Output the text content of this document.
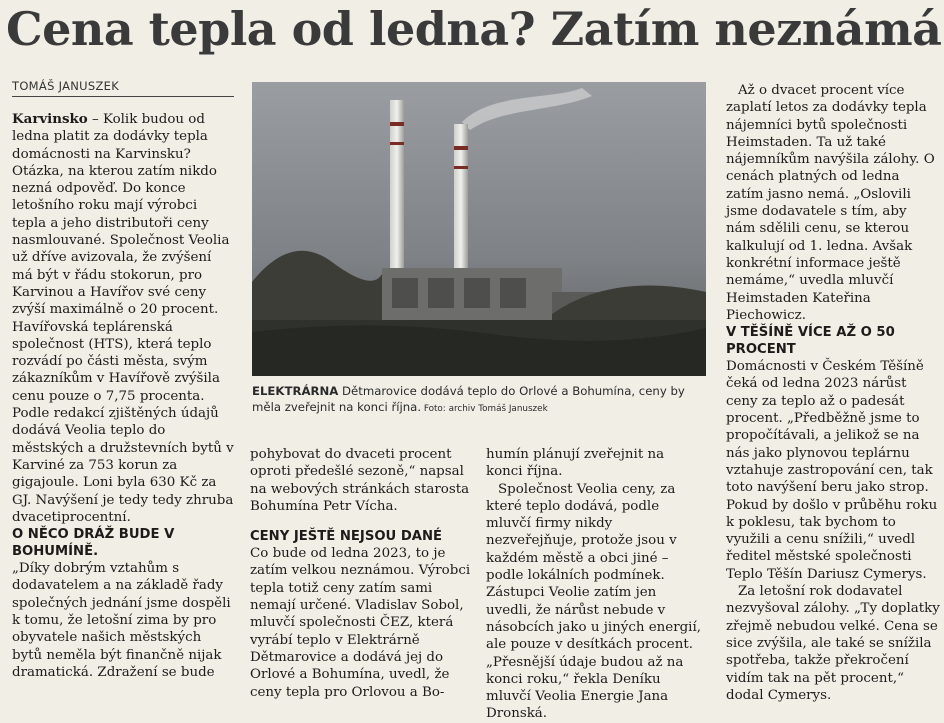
Cena tepla od ledna? Zatím neznámá
TOMÁŠ JANUSZEK

Karvinsko – Kolik budou od ledna platit za dodávky tepla domácnosti na Karvinsku? Otázka, na kterou zatím nikdo nezná odpověď. Do konce letošního roku mají výrobci tepla a jeho distributoři ceny nasmlouvané. Společnost Veolia už dříve avizovala, že zvýšení má být v řádu stokorun, pro Karvinou a Havířov své ceny zvýší maximálně o 20 procent. Havířovská teplárenská společnost (HTS), která teplo rozvádí po části města, svým zákazníkům v Havířově zvýšila cenu pouze o 7,75 procenta. Podle redakcí zjištěných údajů dodává Veolia teplo do městských a družstevních bytů v Karviné za 753 korun za gigajoule. Loni byla 630 Kč za GJ. Navýšení je tedy tedy zhruba dvacetiprocentní.

O NĚCO DRÁŽ BUDE V BOHUMÍNĚ.

„Díky dobrým vztahům s dodavatelem a na základě řady společných jednání jsme dospěli k tomu, že letošní zima by pro obyvatele našich městských bytů neměla být finančně nijak dramatická. Zdražení se bude

ELEKTRÁRNA Dětmarovice dodává teplo do Orlové a Bohumína, ceny by měla zveřejnit na konci října. Foto: archiv Tomáš Januszek

pohybovat do dvaceti procent oproti předešlé sezoně,“ napsal na webových stránkách starosta Bohumína Petr Vícha.

CENY JEŠTĚ NEJSOU DANÉ

Co bude od ledna 2023, to je zatím velkou neznámou. Výrobci tepla totiž ceny zatím sami nemají určené. Vladislav Sobol, mluvčí společnosti ČEZ, která vyrábí teplo v Elektrárně Dětmarovice a dodává jej do Orlové a Bohumína, uvedl, že ceny tepla pro Orlovou a Bo-

humín plánují zveřejnit na konci října.

Společnost Veolia ceny, za které teplo dodává, podle mluvčí firmy nikdy nezveřejňuje, protože jsou v každém městě a obci jiné – podle lokálních podmínek. Zástupci Veolie zatím jen uvedli, že nárůst nebude v násobcích jako u jiných energií, ale pouze v desítkách procent. „Přesnější údaje budou až na konci roku,“ řekla Deníku mluvčí Veolia Energie Jana Dronská.

Až o dvacet procent více zaplatí letos za dodávky tepla nájemníci bytů společnosti Heimstaden. Ta už také nájemníkům navýšila zálohy. O cenách platných od ledna zatím jasno nemá. „Oslovili jsme dodavatele s tím, aby nám sdělili cenu, se kterou kalkulují od 1. ledna. Avšak konkrétní informace ještě nemáme,“ uvedla mluvčí Heimstaden Kateřina Piechowicz.

V TĚŠÍNĚ VÍCE AŽ O 50 PROCENT

Domácnosti v Českém Těšíně čeká od ledna 2023 nárůst ceny za teplo až o padesát procent. „Předběžně jsme to propočítávali, a jelikož se na nás jako plynovou teplárnu vztahuje zastropování cen, tak toto navýšení beru jako strop. Pokud by došlo v průběhu roku k poklesu, tak bychom to využili a cenu snížili,“ uvedl ředitel městské společnosti Teplo Těšín Dariusz Cymerys.

Za letošní rok dodavatel nezvyšoval zálohy. „Ty doplatky zřejmě nebudou velké. Cena se sice zvýšila, ale také se snížila spotřeba, takže překročení vidím tak na pět procent,“ dodal Cymerys.
